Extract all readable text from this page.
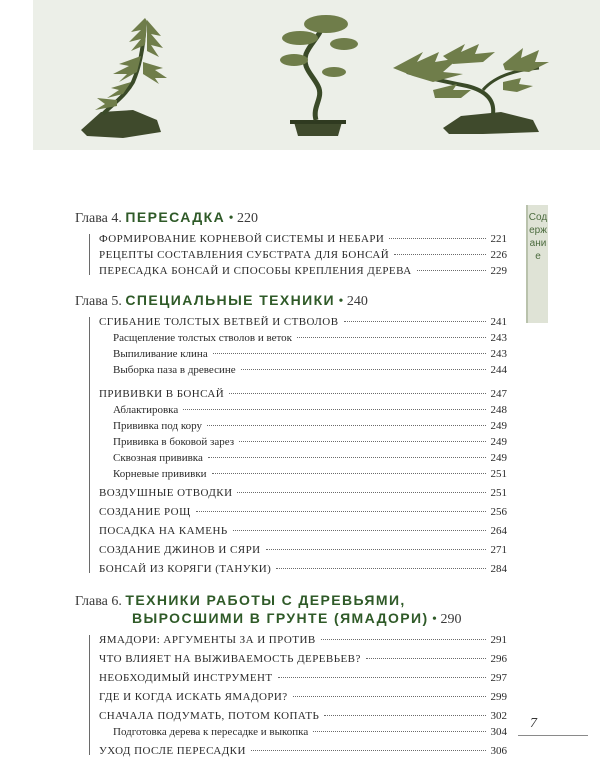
Глава 4. ПЕРЕСАДКА • 220
ФОРМИРОВАНИЕ КОРНЕВОЙ СИСТЕМЫ И НЕБАРИ	221
РЕЦЕПТЫ СОСТАВЛЕНИЯ СУБСТРАТА ДЛЯ БОНСАЙ	226
ПЕРЕСАДКА БОНСАЙ И СПОСОБЫ КРЕПЛЕНИЯ ДЕРЕВА	229
Глава 5. СПЕЦИАЛЬНЫЕ ТЕХНИКИ • 240
СГИБАНИЕ ТОЛСТЫХ ВЕТВЕЙ И СТВОЛОВ	241
Расщепление толстых стволов и веток	243
Выпиливание клина	243
Выборка паза в древесине	244
ПРИВИВКИ В БОНСАЙ	247
Аблактировка	248
Прививка под кору	249
Прививка в боковой зарез	249
Сквозная прививка	249
Корневые прививки	251
ВОЗДУШНЫЕ ОТВОДКИ	251
СОЗДАНИЕ РОЩ	256
ПОСАДКА НА КАМЕНЬ	264
СОЗДАНИЕ ДЖИНОВ И СЯРИ	271
БОНСАЙ ИЗ КОРЯГИ (ТАНУКИ)	284
Глава 6. ТЕХНИКИ РАБОТЫ С ДЕРЕВЬЯМИ,
ВЫРОСШИМИ В ГРУНТЕ (ЯМАДОРИ) • 290
ЯМАДОРИ: АРГУМЕНТЫ ЗА И ПРОТИВ	291
ЧТО ВЛИЯЕТ НА ВЫЖИВАЕМОСТЬ ДЕРЕВЬЕВ?	296
НЕОБХОДИМЫЙ ИНСТРУМЕНТ	297
ГДЕ И КОГДА ИСКАТЬ ЯМАДОРИ?	299
СНАЧАЛА ПОДУМАТЬ, ПОТОМ КОПАТЬ	302
Подготовка дерева к пересадке и выкопка	304
УХОД ПОСЛЕ ПЕРЕСАДКИ	306
Содержание
7
